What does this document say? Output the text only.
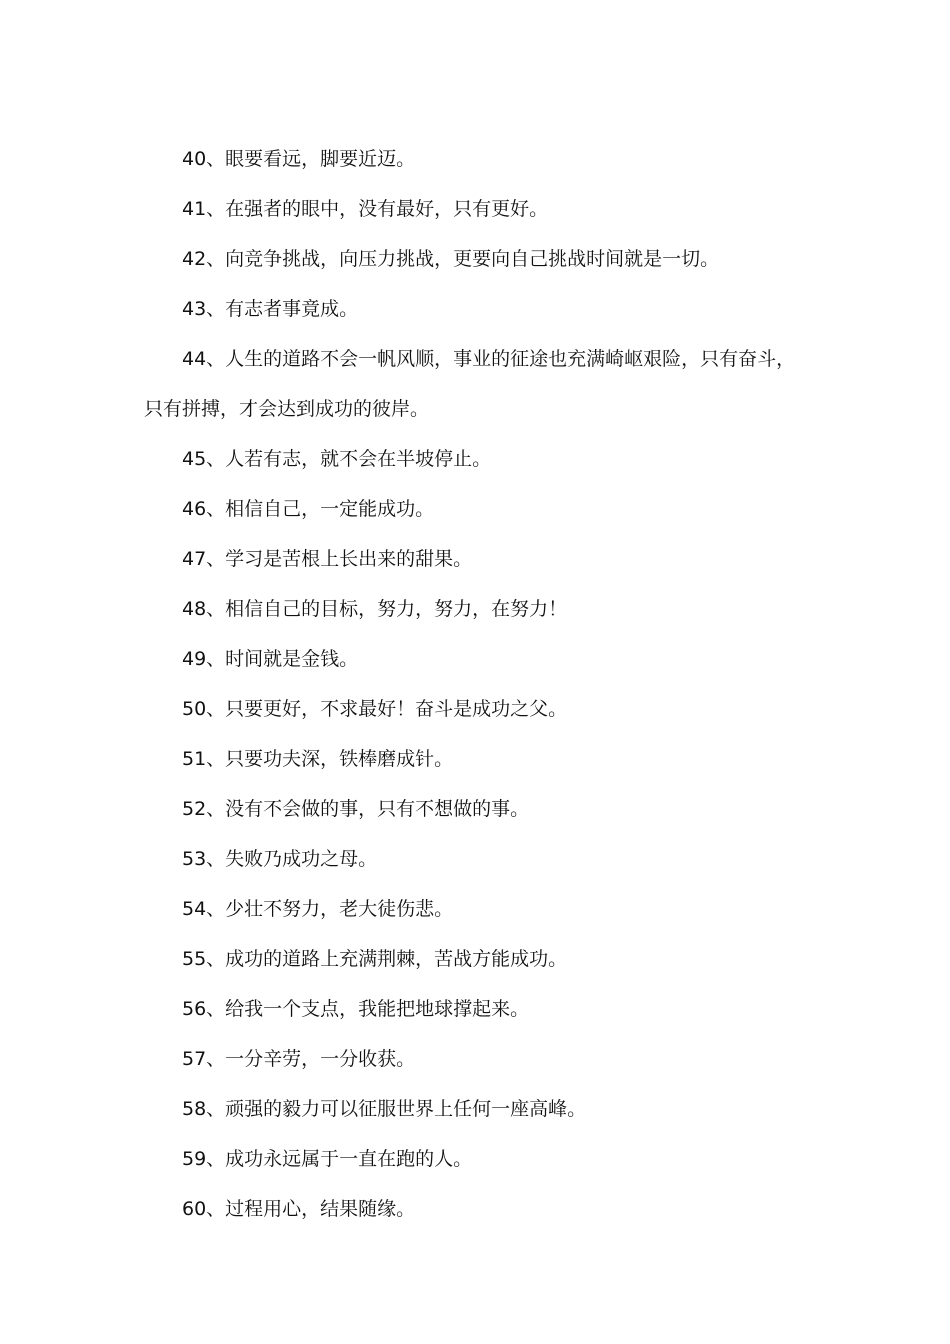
40、眼要看远，脚要近迈。

41、在强者的眼中，没有最好，只有更好。

42、向竞争挑战，向压力挑战，更要向自己挑战时间就是一切。

43、有志者事竟成。

44、人生的道路不会一帆风顺，事业的征途也充满崎岖艰险，只有奋斗，只有拼搏，才会达到成功的彼岸。

45、人若有志，就不会在半坡停止。

46、相信自己，一定能成功。

47、学习是苦根上长出来的甜果。

48、相信自己的目标，努力，努力，在努力！

49、时间就是金钱。

50、只要更好，不求最好！奋斗是成功之父。

51、只要功夫深，铁棒磨成针。

52、没有不会做的事，只有不想做的事。

53、失败乃成功之母。

54、少壮不努力，老大徒伤悲。

55、成功的道路上充满荆棘，苦战方能成功。

56、给我一个支点，我能把地球撑起来。

57、一分辛劳，一分收获。

58、顽强的毅力可以征服世界上任何一座高峰。

59、成功永远属于一直在跑的人。

60、过程用心，结果随缘。
